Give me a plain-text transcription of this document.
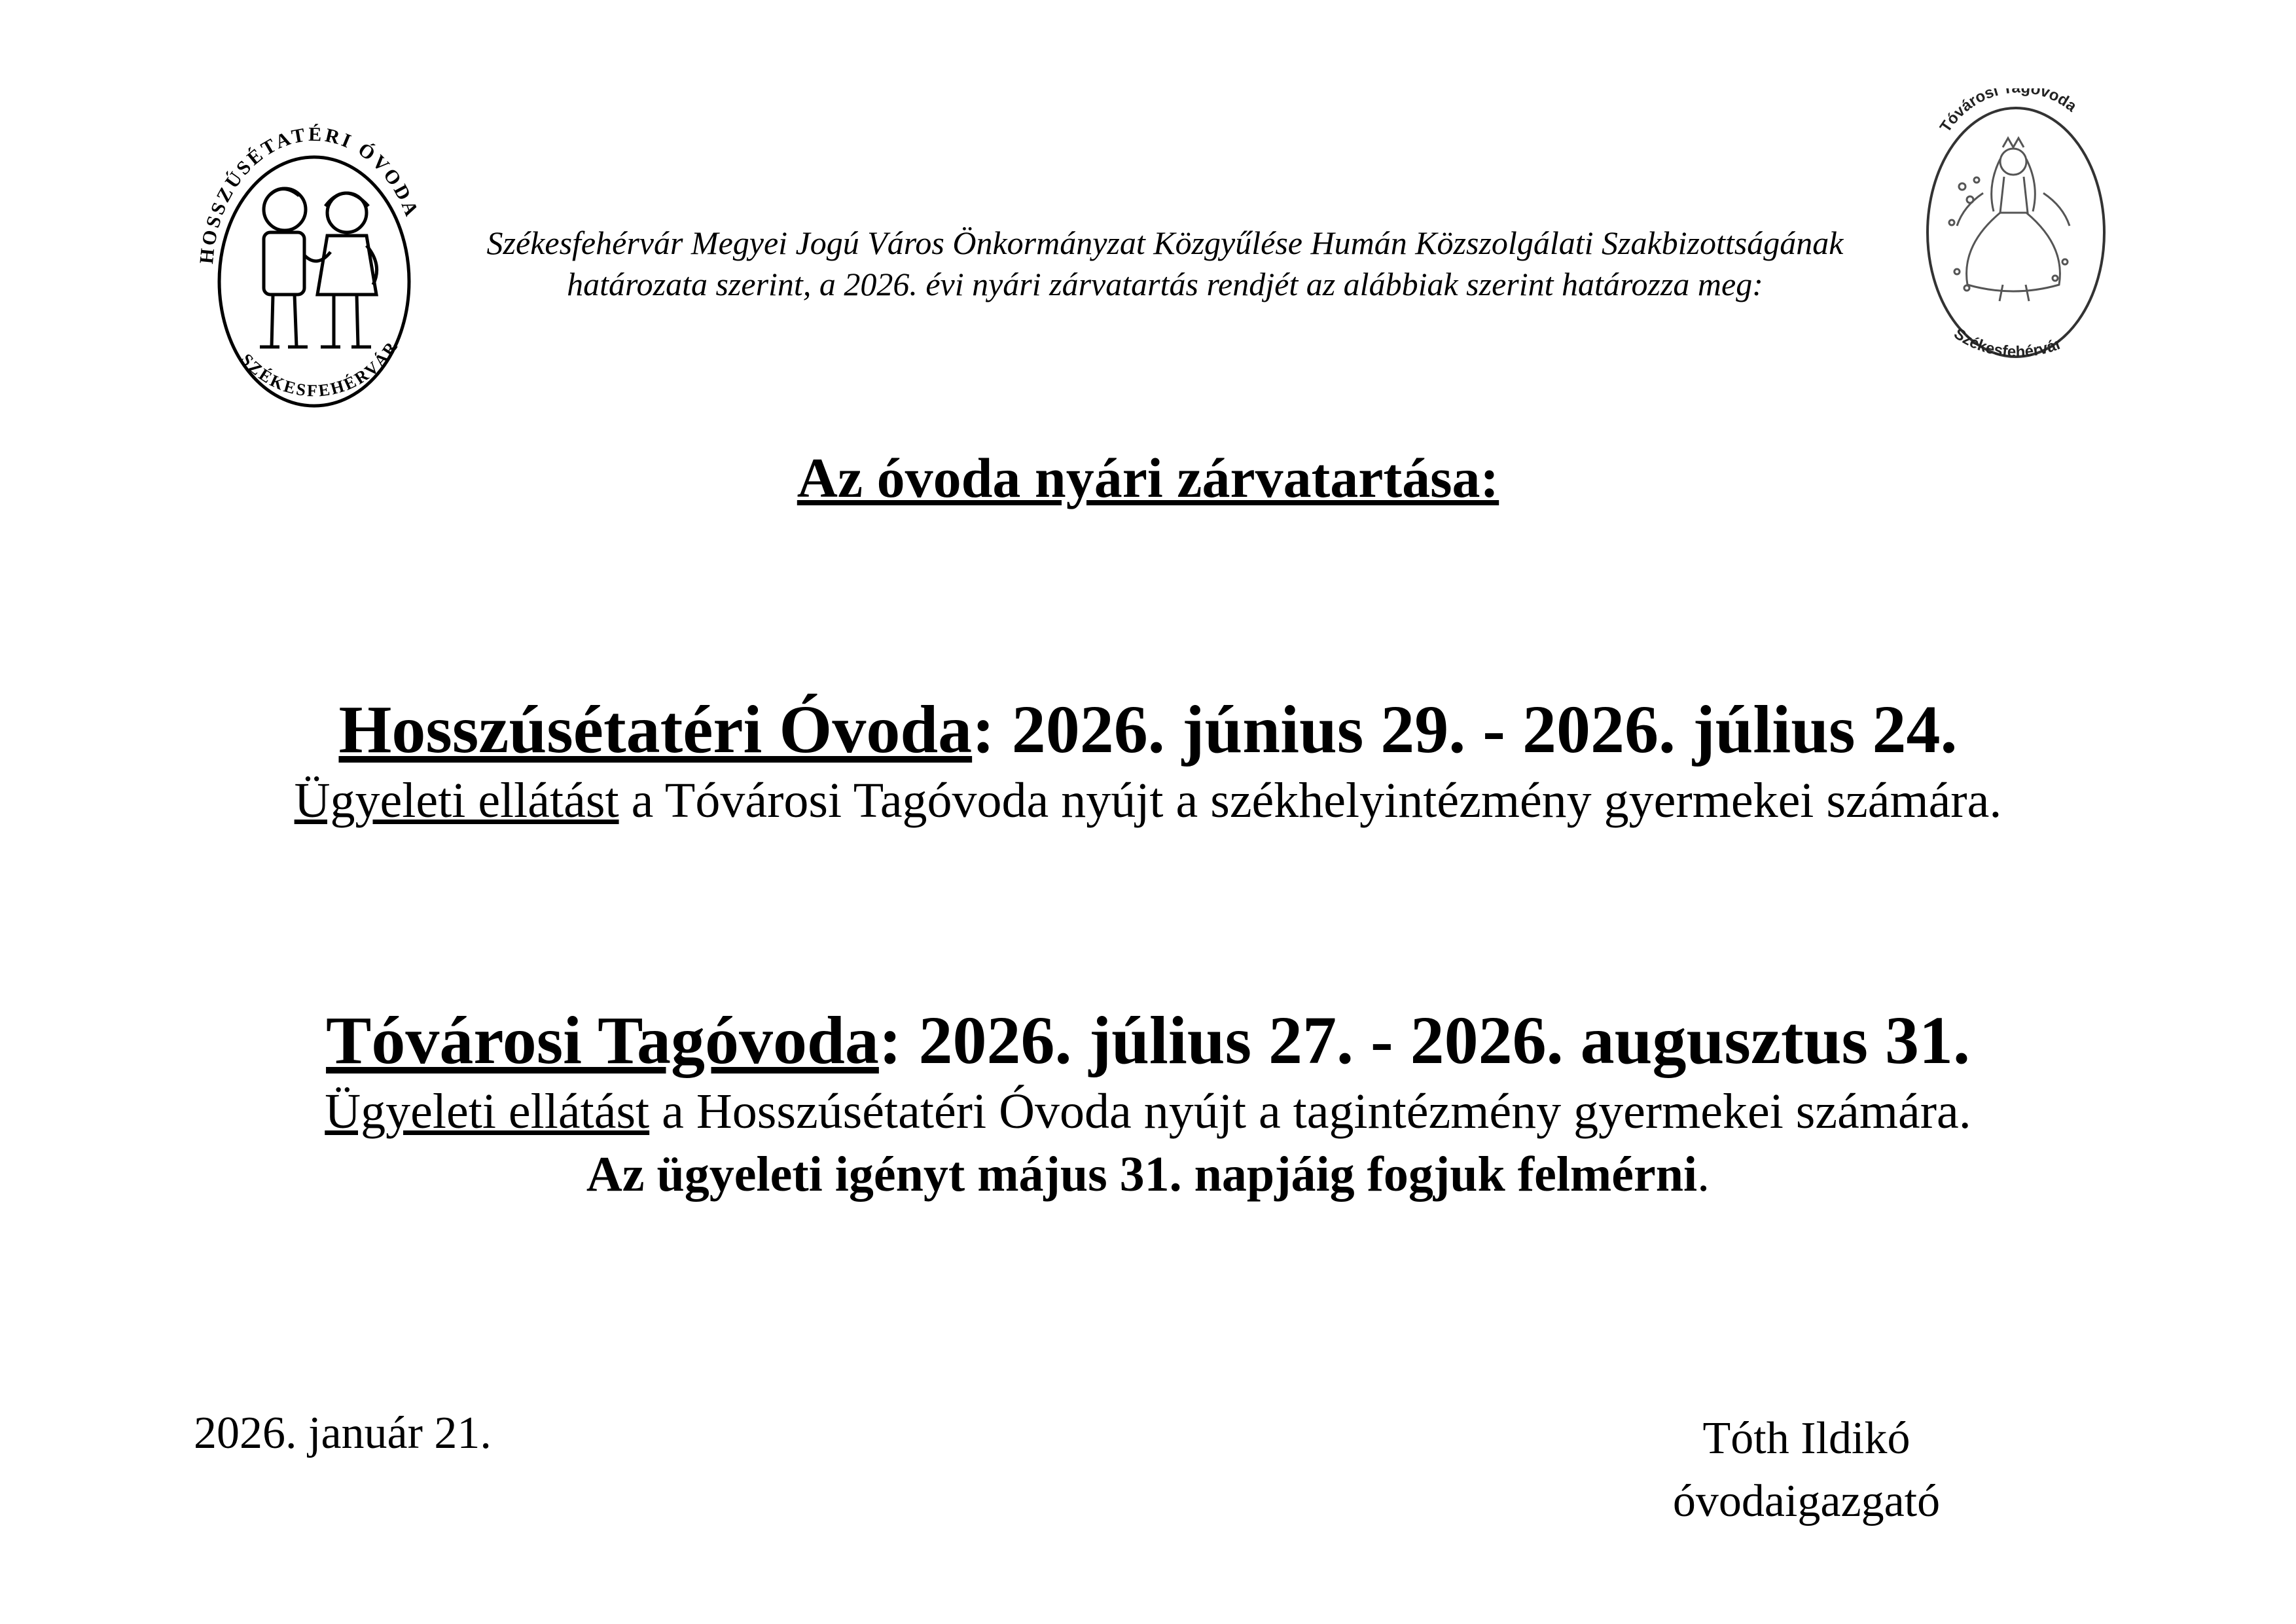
HOSSZÚSÉTATÉRI ÓVODA
SZÉKESFEHÉRVÁR
Tóvárosi T óvoda
Székesfehérvár
Székesfehérvár Megyei Jogú Város Önkormányzat Közgyűlése Humán Közszolgálati Szakbizottságának határozata szerint, a 2026. évi nyári zárvatartás rendjét az alábbiak szerint határozza meg:
Az óvoda nyári zárvatartása:
Hosszúsétatéri Óvoda: 2026. június 29. - 2026. július 24.
Ügyeleti ellátást a Tóvárosi Tagóvoda nyújt a székhelyintézmény gyermekei számára.
Tóvárosi Tagóvoda: 2026. július 27. - 2026. augusztus 31.
Ügyeleti ellátást a Hosszúsétatéri Óvoda nyújt a tagintézmény gyermekei számára.
Az ügyeleti igényt május 31. napjáig fogjuk felmérni.
2026. január 21.	Tóth Ildikó
óvodaigazgató
